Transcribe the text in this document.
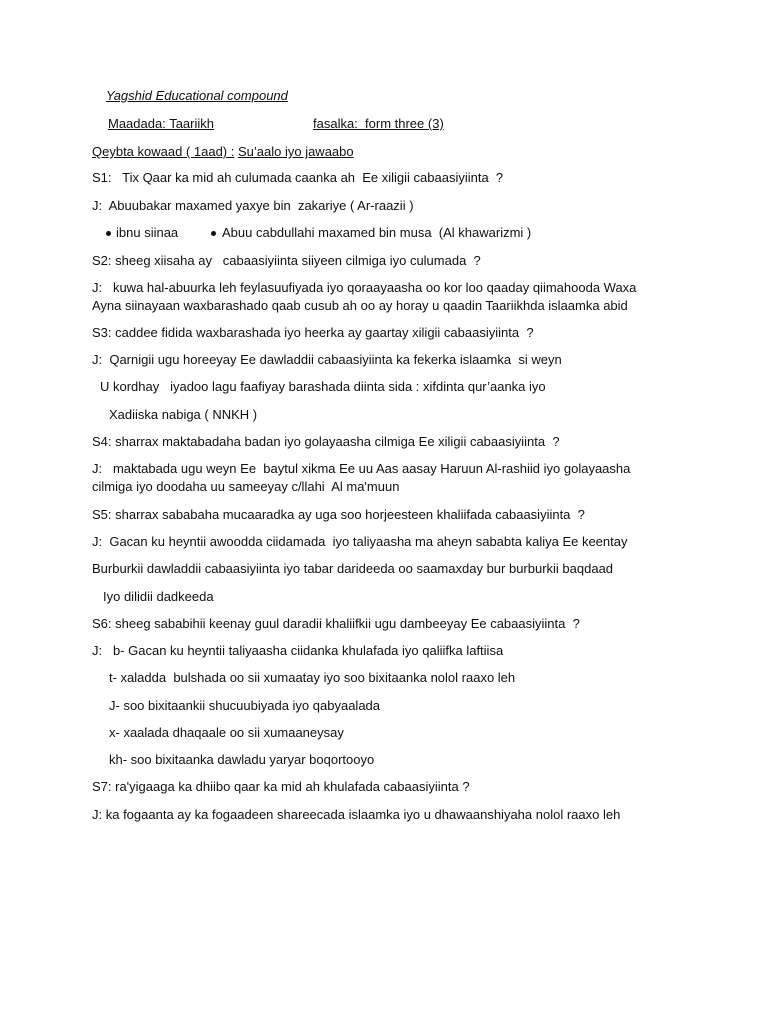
Yagshid Educational compound
Maadada: Taariikh	fasalka:  form three (3)
Qeybta kowaad ( 1aad) : Su’aalo iyo jawaabo
S1:   Tix Qaar ka mid ah culumada caanka ah  Ee xiligii cabaasiyiinta  ?
J:  Abuubakar maxamed yaxye bin  zakariye ( Ar-raazii )
ibnu siinaa	Abuu cabdullahi maxamed bin musa  (Al khawarizmi )
S2: sheeg xiisaha ay   cabaasiyiinta siiyeen cilmiga iyo culumada  ?
J:   kuwa hal-abuurka leh feylasuufiyada iyo qoraayaasha oo kor loo qaaday qiimahooda Waxa
Ayna siinayaan waxbarashado qaab cusub ah oo ay horay u qaadin Taariikhda islaamka abid
S3: caddee fidida waxbarashada iyo heerka ay gaartay xiligii cabaasiyiinta  ?
J:  Qarnigii ugu horeeyay Ee dawladdii cabaasiyiinta ka fekerka islaamka  si weyn
U kordhay   iyadoo lagu faafiyay barashada diinta sida : xifdinta qur’aanka iyo
Xadiiska nabiga ( NNKH )
S4: sharrax maktabadaha badan iyo golayaasha cilmiga Ee xiligii cabaasiyiinta  ?
J:   maktabada ugu weyn Ee  baytul xikma Ee uu Aas aasay Haruun Al-rashiid iyo golayaasha
cilmiga iyo doodaha uu sameeyay c/llahi  Al ma'muun
S5: sharrax sababaha mucaaradka ay uga soo horjeesteen khaliifada cabaasiyiinta  ?
J:  Gacan ku heyntii awoodda ciidamada  iyo taliyaasha ma aheyn sababta kaliya Ee keentay
Burburkii dawladdii cabaasiyiinta iyo tabar darideeda oo saamaxday bur burburkii baqdaad
Iyo dilidii dadkeeda
S6: sheeg sababihii keenay guul daradii khaliifkii ugu dambeeyay Ee cabaasiyiinta  ?
J:   b- Gacan ku heyntii taliyaasha ciidanka khulafada iyo qaliifka laftiisa
t- xaladda  bulshada oo sii xumaatay iyo soo bixitaanka nolol raaxo leh
J- soo bixitaankii shucuubiyada iyo qabyaalada
x- xaalada dhaqaale oo sii xumaaneysay
kh- soo bixitaanka dawladu yaryar boqortooyo
S7: ra'yigaaga ka dhiibo qaar ka mid ah khulafada cabaasiyiinta ?
J: ka fogaanta ay ka fogaadeen shareecada islaamka iyo u dhawaanshiyaha nolol raaxo leh
